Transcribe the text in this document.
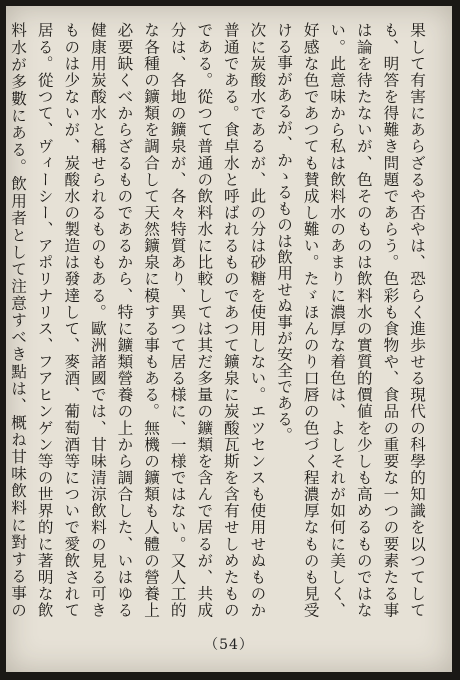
果して有害にあらざるや否やは、恐らく進歩せる現代の科學的知識を以つてしても、明答を得難き問題であらう。色彩も食物や、食品の重要な一つの要素たる事は論を待たないが、色そのものは飲料水の實質的價値を少しも高めるものではない。此意味から私は飲料水のあまりに濃厚な着色は、よしそれが如何に美しく、好感な色であつても賛成し難い。たゞほんのり口唇の色づく程濃厚なものも見受ける事があるが、かゝるものは飲用せぬ事が安全である。

次に炭酸水であるが、此の分は砂糖を使用しない。エツセンスも使用せぬものか普通である。食卓水と呼ばれるものであつて鑛泉に炭酸瓦斯を含有せしめたものである。從つて普通の飲料水に比較しては其だ多量の鑛類を含んで居るが、共成分は、各地の鑛泉が、各々特質あり、異つて居る様に、一様ではない。又人工的な各種の鑛類を調合して天然鑛泉に模する事もある。無機の鑛類も人體の營養上必要缺くべからざるものであるから、特に鑛類營養の上から調合した、いはゆる健康用炭酸水と稱せられるものもある。歐洲諸國では、甘味清涼飲料の見る可きものは少ないが、炭酸水の製造は發達して、麥酒、葡萄酒等についで愛飲されて居る。從つて、ヴィーシー、アポリナリス、フアヒンゲン等の世界的に著明な飲料水が多數にある。飲用者として注意すべき點は、概ね甘味飲料に對する事の

（54）
